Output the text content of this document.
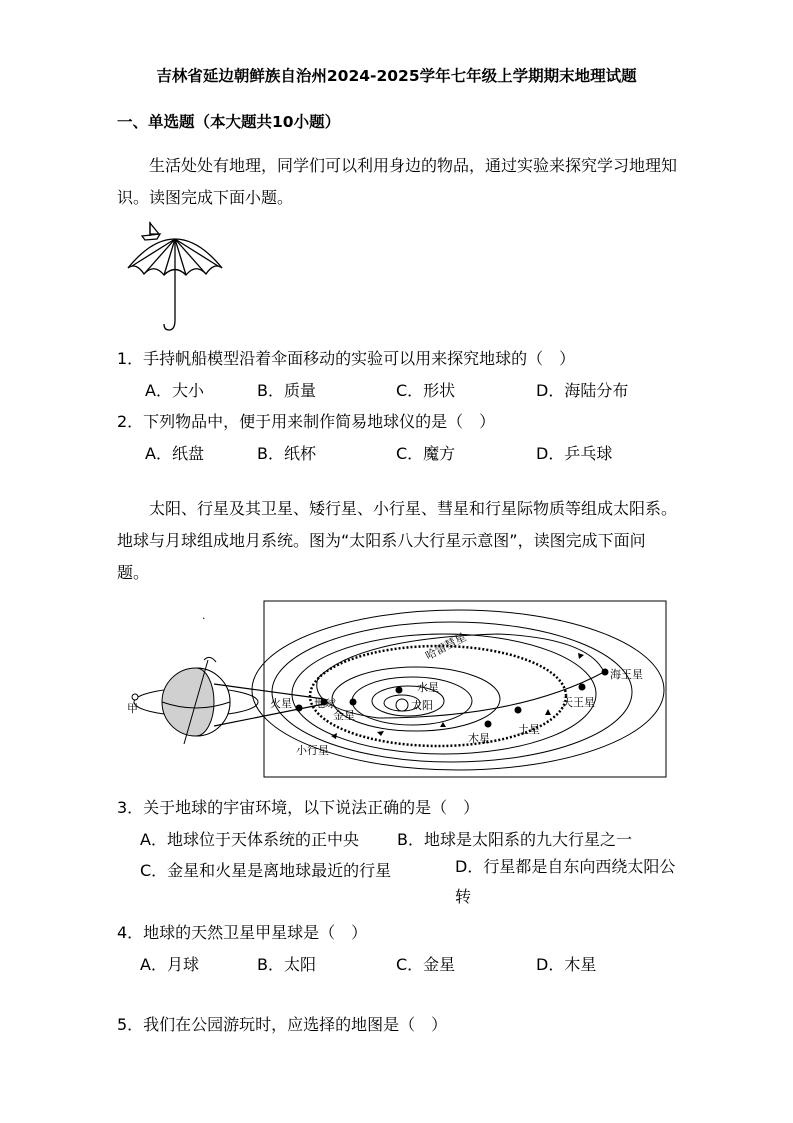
吉林省延边朝鲜族自治州2024-2025学年七年级上学期期末地理试题
一、单选题（本大题共10小题）

生活处处有地理，同学们可以利用身边的物品，通过实验来探究学习地理知识。读图完成下面小题。

1．手持帆船模型沿着伞面移动的实验可以用来探究地球的（　）
A．大小	B．质量	C．形状	D．海陆分布
2．下列物品中，便于用来制作简易地球仪的是（　）
A．纸盘	B．纸杯	C．魔方	D．乒乓球

太阳、行星及其卫星、矮行星、小行星、彗星和行星际物质等组成太阳系。地球与月球组成地月系统。图为“太阳系八大行星示意图”，读图完成下面问题。

甲
·
太阳
水星
金星
地球
火星
木星
土星
天王星
海王星
小行星
哈雷彗星
3．关于地球的宇宙环境，以下说法正确的是（　）
A．地球位于天体系统的正中央 B．地球是太阳系的九大行星之一
C．金星和火星是离地球最近的行星	D．行星都是自东向西绕太阳公转
4．地球的天然卫星甲星球是（　）
A．月球	B．太阳	C．金星	D．木星
5．我们在公园游玩时，应选择的地图是（　）
